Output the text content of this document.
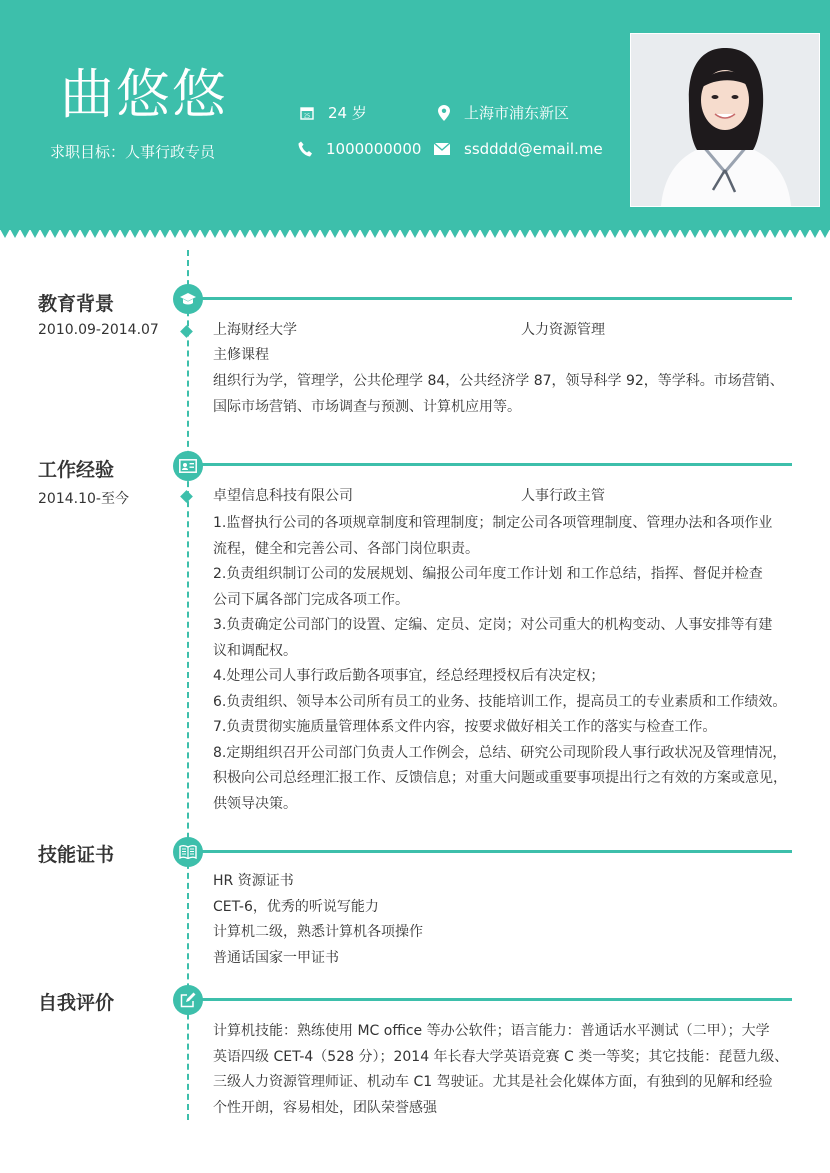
曲悠悠
求职目标：人事行政专员
25 24 岁	上海市浦东新区
1000000000	ssdddd@email.me
教育背景
2010.09-2014.07	上海财经大学	人力资源管理
主修课程
组织行为学，管理学，公共伦理学 84，公共经济学 87，领导科学 92，等学科。市场营销、
国际市场营销、市场调查与预测、计算机应用等。
工作经验
2014.10-至今	卓望信息科技有限公司	人事行政主管
1.监督执行公司的各项规章制度和管理制度；制定公司各项管理制度、管理办法和各项作业
流程，健全和完善公司、各部门岗位职责。
2.负责组织制订公司的发展规划、编报公司年度工作计划 和工作总结，指挥、督促并检查
公司下属各部门完成各项工作。
3.负责确定公司部门的设置、定编、定员、定岗；对公司重大的机构变动、人事安排等有建
议和调配权。
4.处理公司人事行政后勤各项事宜，经总经理授权后有决定权；
6.负责组织、领导本公司所有员工的业务、技能培训工作，提高员工的专业素质和工作绩效。
7.负责贯彻实施质量管理体系文件内容，按要求做好相关工作的落实与检查工作。
8.定期组织召开公司部门负责人工作例会，总结、研究公司现阶段人事行政状况及管理情况，
积极向公司总经理汇报工作、反馈信息；对重大问题或重要事项提出行之有效的方案或意见，
供领导决策。
技能证书
HR 资源证书
CET-6，优秀的听说写能力
计算机二级，熟悉计算机各项操作
普通话国家一甲证书
自我评价
计算机技能：熟练使用 MC office 等办公软件；语言能力：普通话水平测试（二甲）；大学
英语四级 CET-4（528 分）；2014 年长春大学英语竞赛 C 类一等奖；其它技能：琵琶九级、
三级人力资源管理师证、机动车 C1 驾驶证。尤其是社会化媒体方面，有独到的见解和经验
个性开朗，容易相处，团队荣誉感强
